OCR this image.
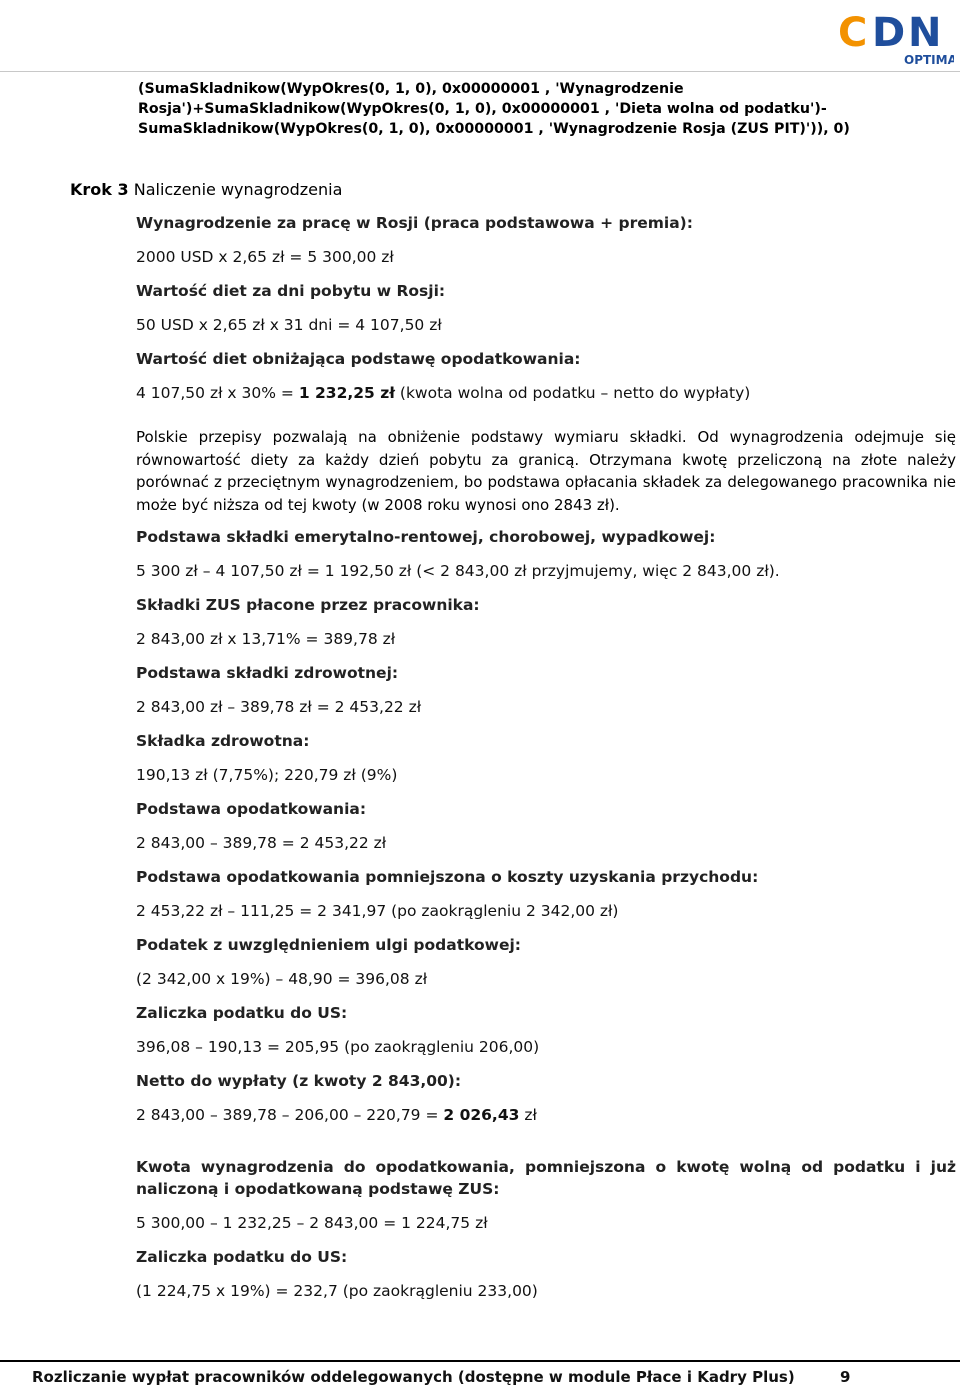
C D N
OPTIMA
(SumaSkladnikow(WypOkres(0, 1, 0), 0x00000001 , 'Wynagrodzenie
Rosja')+SumaSkladnikow(WypOkres(0, 1, 0), 0x00000001 , 'Dieta wolna od podatku')-
SumaSkladnikow(WypOkres(0, 1, 0), 0x00000001 , 'Wynagrodzenie Rosja (ZUS PIT)')), 0)
Krok 3 Naliczenie wynagrodzenia

Wynagrodzenie za pracę w Rosji (praca podstawowa + premia):

2000 USD x 2,65 zł = 5 300,00 zł

Wartość diet za dni pobytu w Rosji:

50 USD x 2,65 zł x 31 dni = 4 107,50 zł

Wartość diet obniżająca podstawę opodatkowania:

4 107,50 zł x 30% = 1 232,25 zł (kwota wolna od podatku – netto do wypłaty)

Polskie przepisy pozwalają na obniżenie podstawy wymiaru składki. Od wynagrodzenia odejmuje się równowartość diety za każdy dzień pobytu za granicą. Otrzymana kwotę przeliczoną na złote należy porównać z przeciętnym wynagrodzeniem, bo podstawa opłacania składek za delegowanego pracownika nie może być niższa od tej kwoty (w 2008 roku wynosi ono 2843 zł).

Podstawa składki emerytalno-rentowej, chorobowej, wypadkowej:

5 300 zł – 4 107,50 zł = 1 192,50 zł (< 2 843,00 zł przyjmujemy, więc 2 843,00 zł).

Składki ZUS płacone przez pracownika:

2 843,00 zł x 13,71% = 389,78 zł

Podstawa składki zdrowotnej:

2 843,00 zł – 389,78 zł = 2 453,22 zł

Składka zdrowotna:

190,13 zł (7,75%); 220,79 zł (9%)

Podstawa opodatkowania:

2 843,00 – 389,78 = 2 453,22 zł

Podstawa opodatkowania pomniejszona o koszty uzyskania przychodu:

2 453,22 zł – 111,25 = 2 341,97 (po zaokrągleniu 2 342,00 zł)

Podatek z uwzględnieniem ulgi podatkowej:

(2 342,00 x 19%) – 48,90 = 396,08 zł

Zaliczka podatku do US:

396,08 – 190,13 = 205,95 (po zaokrągleniu 206,00)

Netto do wypłaty (z kwoty 2 843,00):

2 843,00 – 389,78 – 206,00 – 220,79 = 2 026,43 zł

Kwota wynagrodzenia do opodatkowania, pomniejszona o kwotę wolną od podatku i już naliczoną i opodatkowaną podstawę ZUS:

5 300,00 – 1 232,25 – 2 843,00 = 1 224,75 zł

Zaliczka podatku do US:

(1 224,75 x 19%) = 232,7 (po zaokrągleniu 233,00)

Rozliczanie wypłat pracowników oddelegowanych (dostępne w module Płace i Kadry Plus)	9
